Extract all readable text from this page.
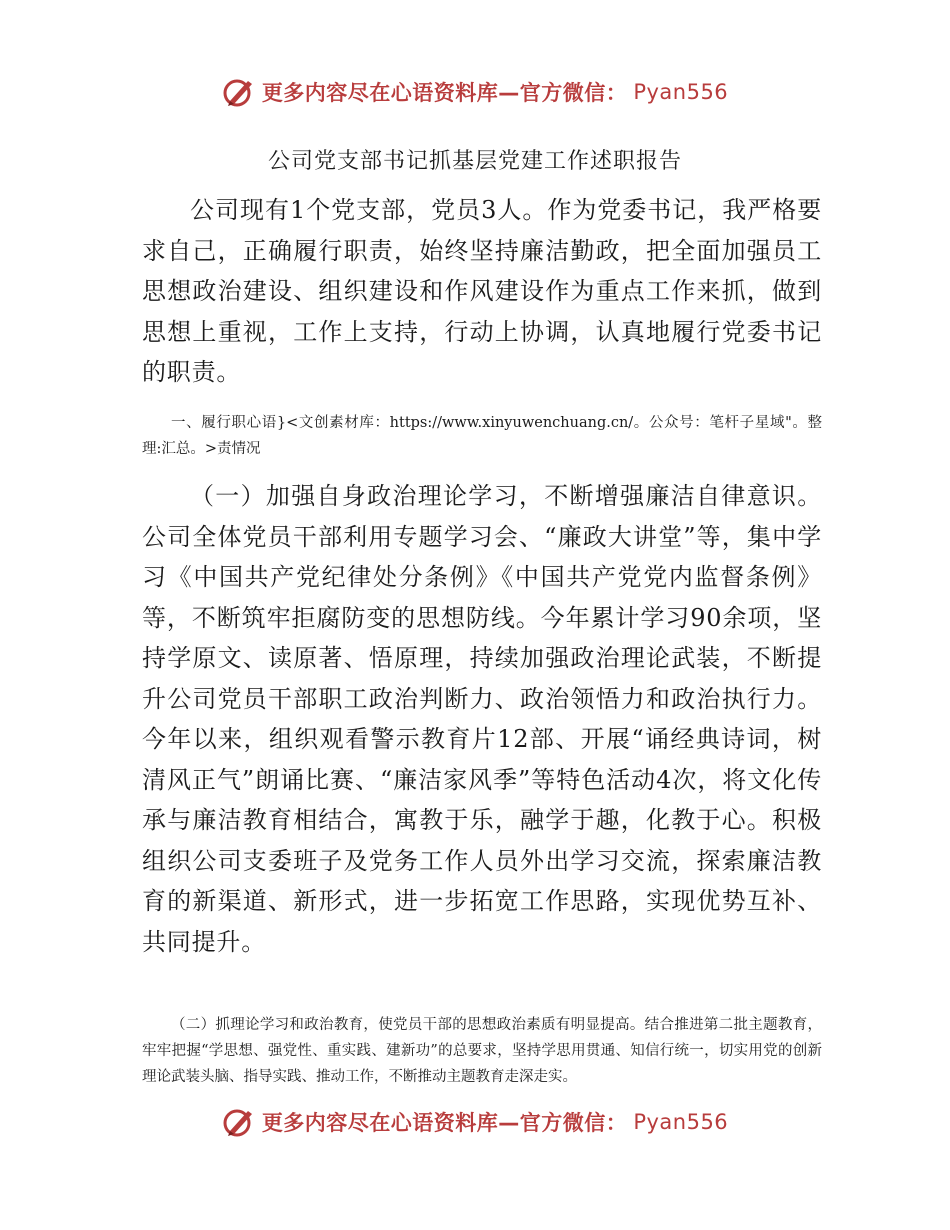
更多内容尽在心语资料库—官方微信： Pyan556
公司党支部书记抓基层党建工作述职报告
公司现有1个党支部，党员3人。作为党委书记，我严格要求自己，正确履行职责，始终坚持廉洁勤政，把全面加强员工思想政治建设、组织建设和作风建设作为重点工作来抓，做到思想上重视，工作上支持，行动上协调，认真地履行党委书记的职责。
一、履行职心语}<文创素材库：https://www.xinyuwenchuang.cn/。公众号：笔杆子星域"。整理:汇总。>责情况
（一）加强自身政治理论学习，不断增强廉洁自律意识。公司全体党员干部利用专题学习会、“廉政大讲堂”等，集中学习《中国共产党纪律处分条例》《中国共产党党内监督条例》等，不断筑牢拒腐防变的思想防线。今年累计学习90余项，坚持学原文、读原著、悟原理，持续加强政治理论武装，不断提升公司党员干部职工政治判断力、政治领悟力和政治执行力。今年以来，组织观看警示教育片12部、开展“诵经典诗词，树清风正气”朗诵比赛、“廉洁家风季”等特色活动4次，将文化传承与廉洁教育相结合，寓教于乐，融学于趣，化教于心。积极组织公司支委班子及党务工作人员外出学习交流，探索廉洁教育的新渠道、新形式，进一步拓宽工作思路，实现优势互补、共同提升。
（二）抓理论学习和政治教育，使党员干部的思想政治素质有明显提高。结合推进第二批主题教育，牢牢把握“学思想、强党性、重实践、建新功”的总要求，坚持学思用贯通、知信行统一，切实用党的创新理论武装头脑、指导实践、推动工作，不断推动主题教育走深走实。
更多内容尽在心语资料库—官方微信： Pyan556
